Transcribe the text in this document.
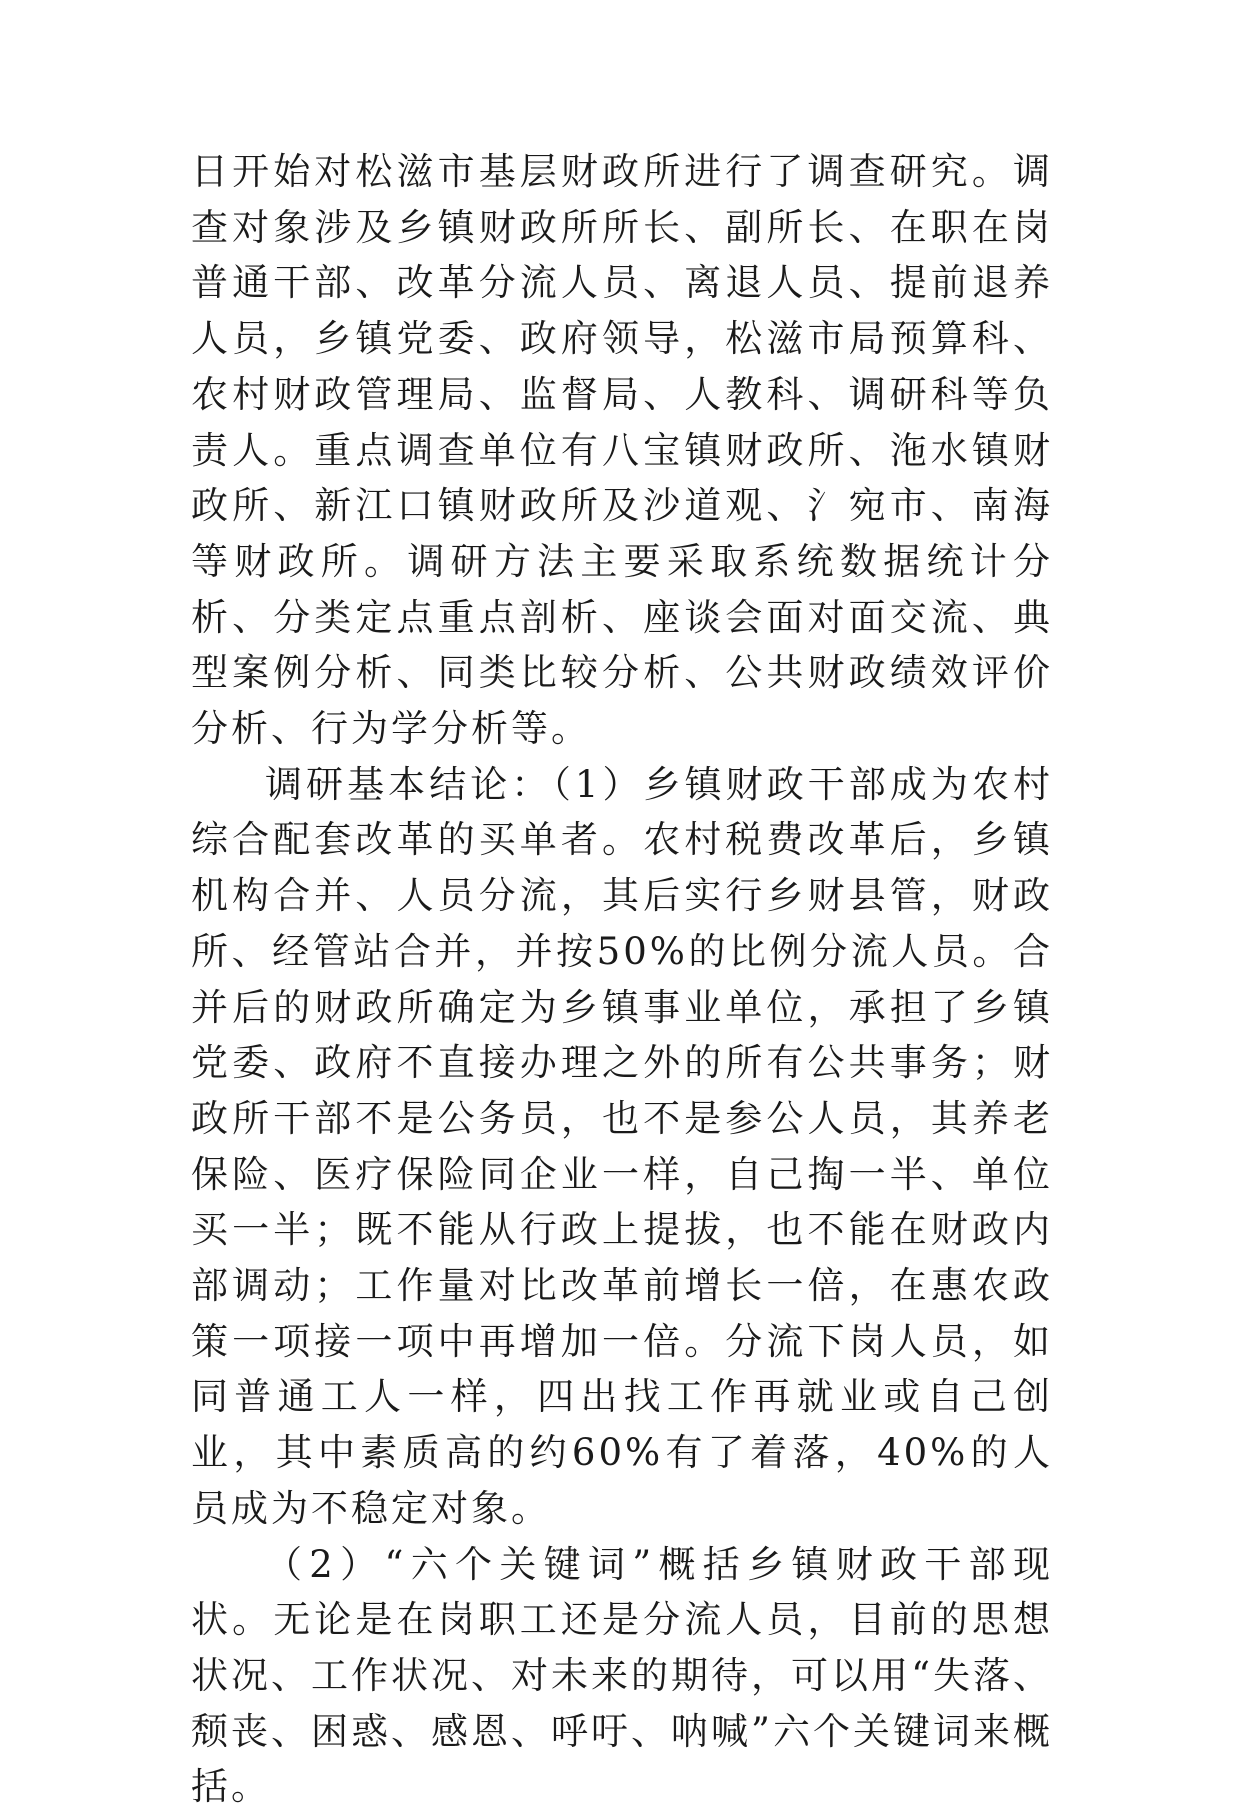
日开始对松滋市基层财政所进行了调查研究。调查对象涉及乡镇财政所所长、副所长、在职在岗普通干部、改革分流人员、离退人员、提前退养人员，乡镇党委、政府领导，松滋市局预算科、农村财政管理局、监督局、人教科、调研科等负责人。重点调查单位有八宝镇财政所、沲水镇财政所、新江口镇财政所及沙道观、氵宛市、南海等财政所。调研方法主要采取系统数据统计分析、分类定点重点剖析、座谈会面对面交流、典型案例分析、同类比较分析、公共财政绩效评价分析、行为学分析等。

调研基本结论：（1）乡镇财政干部成为农村综合配套改革的买单者。农村税费改革后，乡镇机构合并、人员分流，其后实行乡财县管，财政所、经管站合并，并按50%的比例分流人员。合并后的财政所确定为乡镇事业单位，承担了乡镇党委、政府不直接办理之外的所有公共事务；财政所干部不是公务员，也不是参公人员，其养老保险、医疗保险同企业一样，自己掏一半、单位买一半；既不能从行政上提拔，也不能在财政内部调动；工作量对比改革前增长一倍，在惠农政策一项接一项中再增加一倍。分流下岗人员，如同普通工人一样，四出找工作再就业或自己创业，其中素质高的约60%有了着落，40%的人员成为不稳定对象。

（2）“六个关键词”概括乡镇财政干部现状。无论是在岗职工还是分流人员，目前的思想状况、工作状况、对未来的期待，可以用“失落、颓丧、困惑、感恩、呼吁、呐喊”六个关键词来概括。
